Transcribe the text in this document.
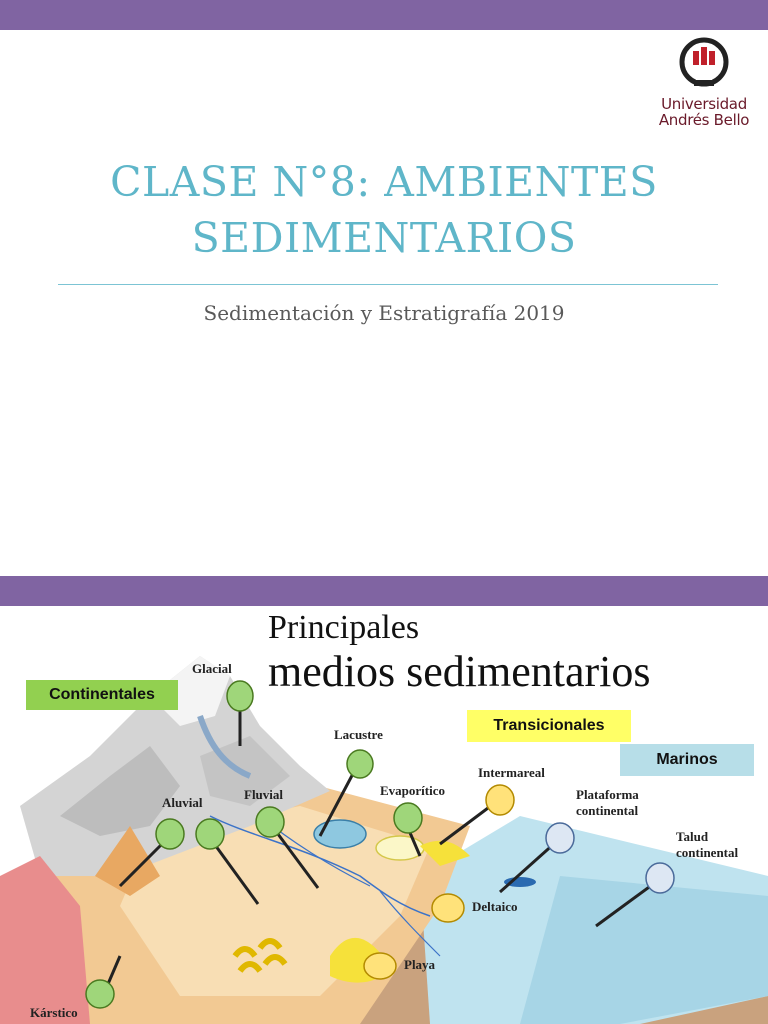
Universidad
Andrés Bello
CLASE N°8: AMBIENTES SEDIMENTARIOS
Sedimentación y Estratigrafía 2019
Principales
medios sedimentarios
Continentales
Transicionales
Marinos
Glacial
Lacustre
Aluvial
Fluvial	Evaporítico
Intermareal
Plataforma
continental
Talud
continental
Deltaico
Playa
Kárstico
